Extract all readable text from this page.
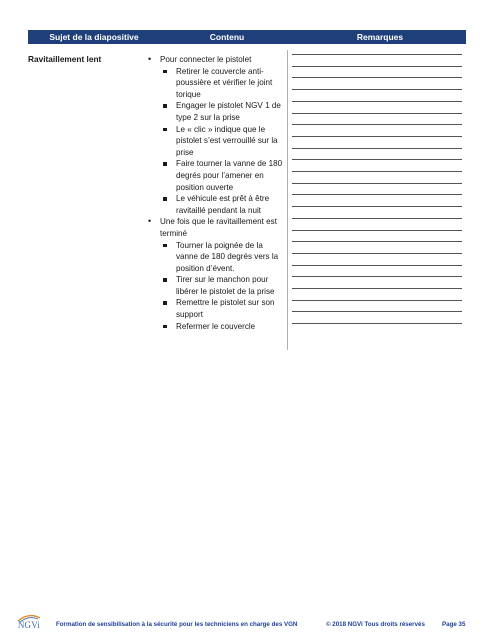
Sujet de la diapositive	Contenu	Remarques
Ravitaillement lent
•	Pour connecter le pistolet
Retirer le couvercle anti-poussière et vérifier le joint torique
Engager le pistolet NGV 1 de type 2 sur la prise
Le « clic » indique que le pistolet s’est verrouillé sur la prise
Faire tourner la vanne de 180 degrés pour l’amener en position ouverte
Le véhicule est prêt à être ravitaillé pendant la nuit
• Une fois que le ravitaillement est terminé
Tourner la poignée de la vanne de 180 degrés vers la position d’évent.
Tirer sur le manchon pour libérer le pistolet de la prise
Remettre le pistolet sur son support
Refermer le couvercle
NGVi	Formation de sensibilisation à la sécurité pour les techniciens en charge des VGN	© 2018 NGVi Tous droits réservés	Page 35
